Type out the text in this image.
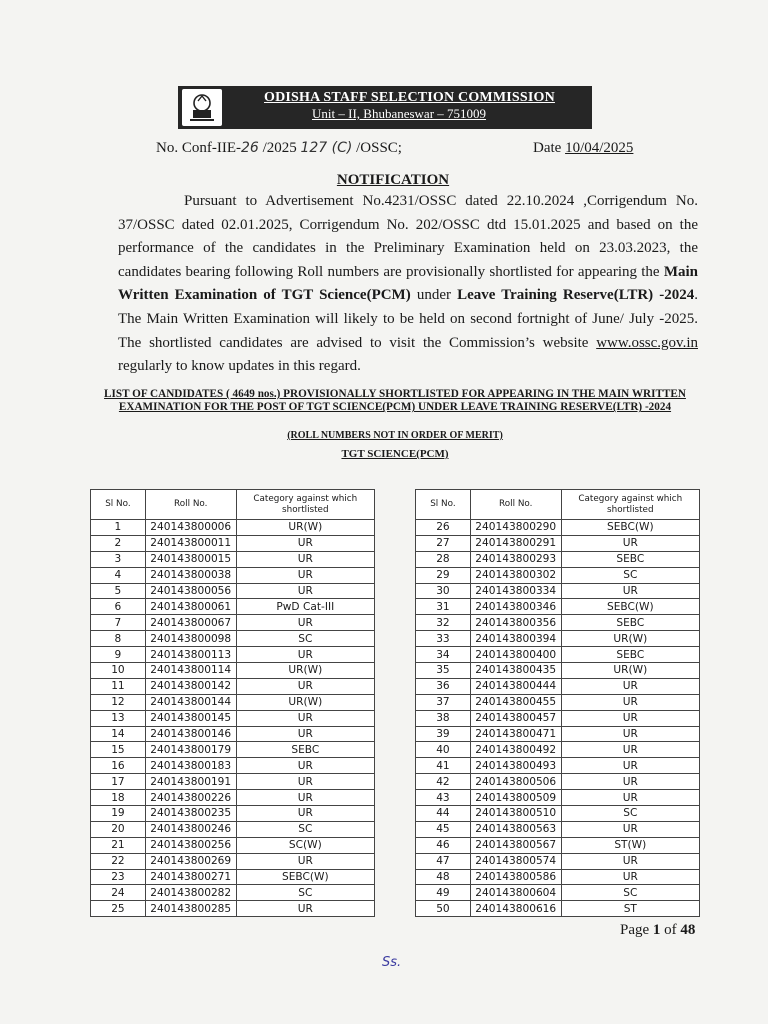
ODISHA STAFF SELECTION COMMISSION
Unit – II, Bhubaneswar – 751009
No. Conf-IIE-26 /2025 127 (C) /OSSC;	Date 10/04/2025
NOTIFICATION

Pursuant to Advertisement No.4231/OSSC dated 22.10.2024 ,Corrigendum No. 37/OSSC dated 02.01.2025, Corrigendum No. 202/OSSC dtd 15.01.2025 and based on the performance of the candidates in the Preliminary Examination held on 23.03.2023, the candidates bearing following Roll numbers are provisionally shortlisted for appearing the Main Written Examination of TGT Science(PCM) under Leave Training Reserve(LTR) -2024. The Main Written Examination will likely to be held on second fortnight of June/ July -2025. The shortlisted candidates are advised to visit the Commission’s website www.ossc.gov.in regularly to know updates in this regard.

LIST OF CANDIDATES ( 4649 nos.) PROVISIONALLY SHORTLISTED FOR APPEARING IN THE MAIN WRITTEN EXAMINATION FOR THE POST OF TGT SCIENCE(PCM) UNDER LEAVE TRAINING RESERVE(LTR) -2024
(ROLL NUMBERS NOT IN ORDER OF MERIT)
TGT SCIENCE(PCM)
Sl No.	Roll No.	Category against which shortlisted
1	240143800006	UR(W)
2	240143800011	UR
3	240143800015	UR
4	240143800038	UR
5	240143800056	UR
6	240143800061	PwD Cat-III
7	240143800067	UR
8	240143800098	SC
9	240143800113	UR
10	240143800114	UR(W)
11	240143800142	UR
12	240143800144	UR(W)
13	240143800145	UR
14	240143800146	UR
15	240143800179	SEBC
16	240143800183	UR
17	240143800191	UR
18	240143800226	UR
19	240143800235	UR
20	240143800246	SC
21	240143800256	SC(W)
22	240143800269	UR
23	240143800271	SEBC(W)
24	240143800282	SC
25	240143800285	UR
Sl No.	Roll No.	Category against which shortlisted
26	240143800290	SEBC(W)
27	240143800291	UR
28	240143800293	SEBC
29	240143800302	SC
30	240143800334	UR
31	240143800346	SEBC(W)
32	240143800356	SEBC
33	240143800394	UR(W)
34	240143800400	SEBC
35	240143800435	UR(W)
36	240143800444	UR
37	240143800455	UR
38	240143800457	UR
39	240143800471	UR
40	240143800492	UR
41	240143800493	UR
42	240143800506	UR
43	240143800509	UR
44	240143800510	SC
45	240143800563	UR
46	240143800567	ST(W)
47	240143800574	UR
48	240143800586	UR
49	240143800604	SC
50	240143800616	ST
Page 1 of 48
Ss.
